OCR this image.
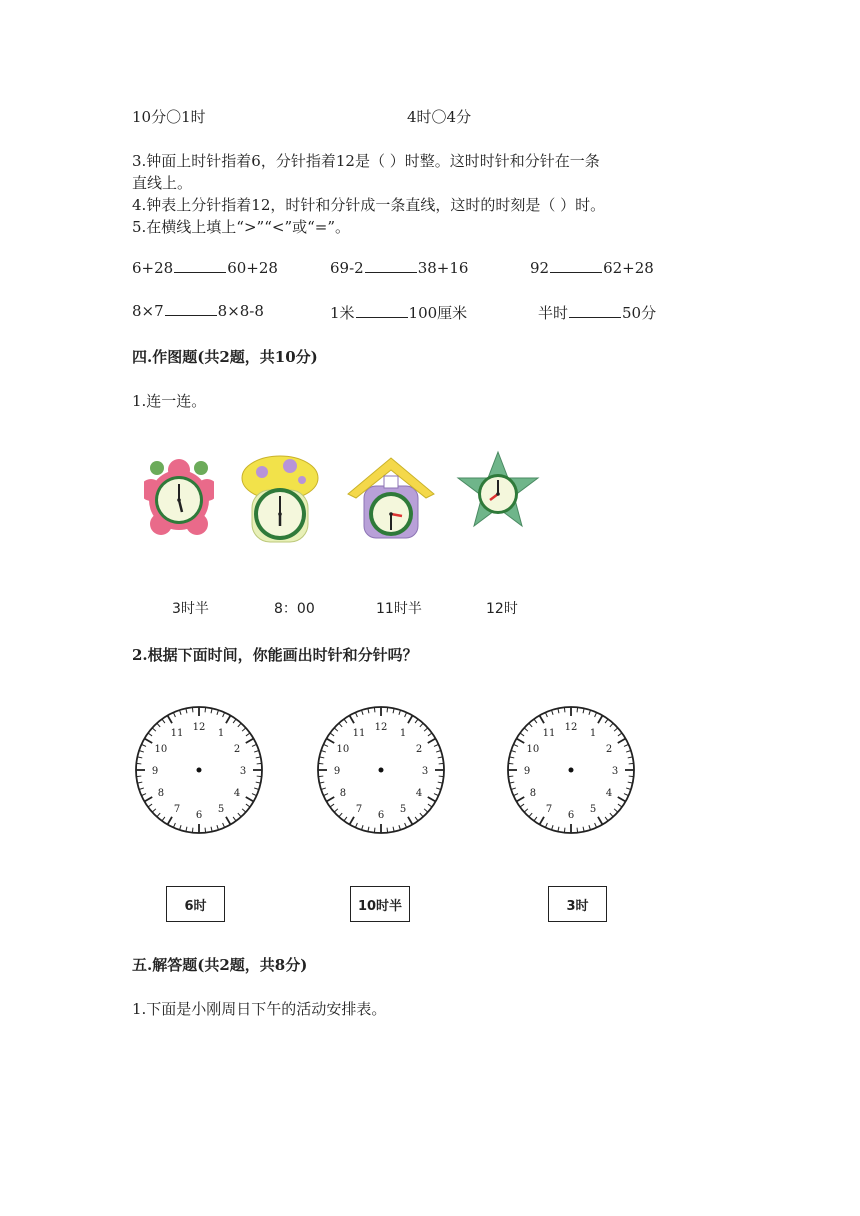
10分〇1时	4时〇4分
3.钟面上时针指着6，分针指着12是（ ）时整。这时时针和分针在一条
直线上。
4.钟表上分针指着12，时针和分针成一条直线，这时的时刻是（ ）时。
5.在横线上填上“>”“<”或“=”。
6+28	60+28	69-2	38+16	92	62+28
8×7	8×8-8	1米	100厘米	半时	50分
四.作图题(共2题，共10分)
1.连一连。
3时半	8：00	11时半	12时
2.根据下面时间，你能画出时针和分针吗？
12
1
2
3
4
5
6
7
8
9
10
11
12
1
2
3
4
5
6
7
8
9
10
11
12
1
2
3
4
5
6
7
8
9
10
11
6时	10时半	3时
五.解答题(共2题，共8分)
1.下面是小刚周日下午的活动安排表。
